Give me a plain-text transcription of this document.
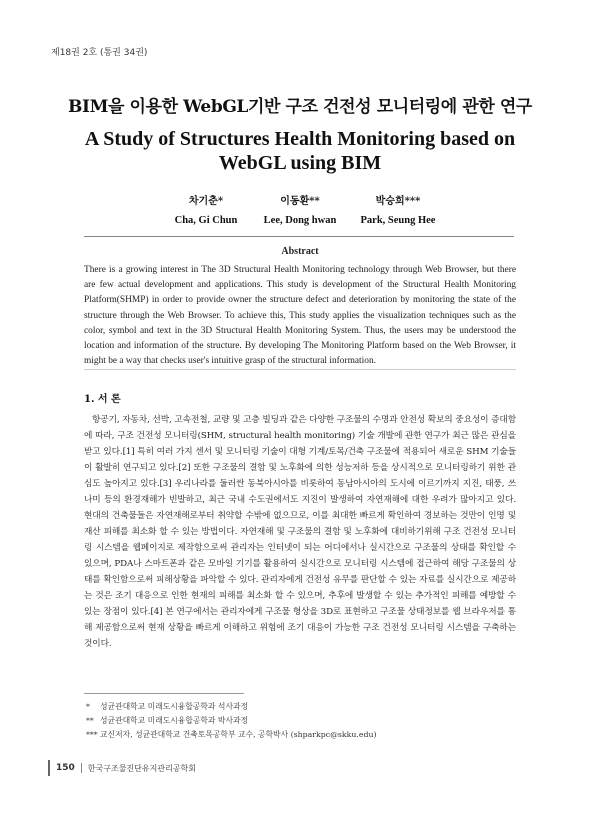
제18권 2호 (통권 34권)
BIM을 이용한 WebGL기반 구조 건전성 모니터링에 관한 연구
A Study of Structures Health Monitoring based on WebGL using BIM
차기춘*
Cha, Gi Chun
이동환**
Lee, Dong hwan
박승희***
Park, Seung Hee
Abstract
There is a growing interest in The 3D Structural Health Monitoring technology through Web Browser, but there are few actual development and applications. This study is development of the Structural Health Monitoring Platform(SHMP) in order to provide owner the structure defect and deterioration by monitoring the state of the structure through the Web Browser. To achieve this, This study applies the visualization techniques such as the color, symbol and text in the 3D Structural Health Monitoring System. Thus, the users may be understood the location and information of the structure. By developing The Monitoring Platform based on the Web Browser, it might be a way that checks user's intuitive grasp of the structural information.
1. 서 론

항공기, 자동차, 선박, 고속전철, 교량 및 고층 빌딩과 같은 다양한 구조물의 수명과 안전성 확보의 중요성이 증대함에 따라, 구조 건전성 모니터링(SHM, structural health monitoring) 기술 개발에 관한 연구가 최근 많은 관심을 받고 있다.[1] 특히 여러 가지 센서 및 모니터링 기술이 대형 기계/토목/건축 구조물에 적용되어 새로운 SHM 기술들이 활발히 연구되고 있다.[2] 또한 구조물의 결함 및 노후화에 의한 성능저하 등을 상시적으로 모니터링하기 위한 관심도 높아지고 있다.[3] 우리나라를 둘러싼 동북아시아를 비롯하여 동남아시아의 도시에 이르기까지 지진, 태풍, 쓰나미 등의 환경재해가 빈발하고, 최근 국내 수도권에서도 지진이 발생하여 자연재해에 대한 우려가 많아지고 있다. 현대의 건축물들은 자연재해로부터 취약할 수밖에 없으므로, 이를 최대한 빠르게 확인하여 경보하는 것만이 인명 및 재산 피해를 최소화 할 수 있는 방법이다. 자연재해 및 구조물의 결함 및 노후화에 대비하기위해 구조 건전성 모니터링 시스템을 웹페이지로 제작함으로써 관리자는 인터넷이 되는 어디에서나 실시간으로 구조물의 상태를 확인할 수 있으며, PDA나 스마트폰과 같은 모바일 기기를 활용하여 실시간으로 모니터링 시스템에 접근하여 해당 구조물의 상태를 확인함으로써 피해상황을 파악할 수 있다. 관리자에게 건전성 유무를 판단할 수 있는 자료를 실시간으로 제공하는 것은 조기 대응으로 인한 현재의 피해를 최소화 할 수 있으며, 추후에 발생할 수 있는 추가적인 피해를 예방할 수 있는 장점이 있다.[4] 본 연구에서는 관리자에게 구조물 형상을 3D로 표현하고 구조물 상태정보를 웹 브라우저를 통해 제공함으로써 현재 상황을 빠르게 이해하고 위험에 조기 대응이 가능한 구조 건전성 모니터링 시스템을 구축하는 것이다.

* 성균관대학교 미래도시융합공학과 석사과정
** 성균관대학교 미래도시융합공학과 박사과정
*** 교신저자, 성균관대학교 건축토목공학부 교수, 공학박사 (shparkpc@skku.edu)
150 한국구조물진단유지관리공학회
